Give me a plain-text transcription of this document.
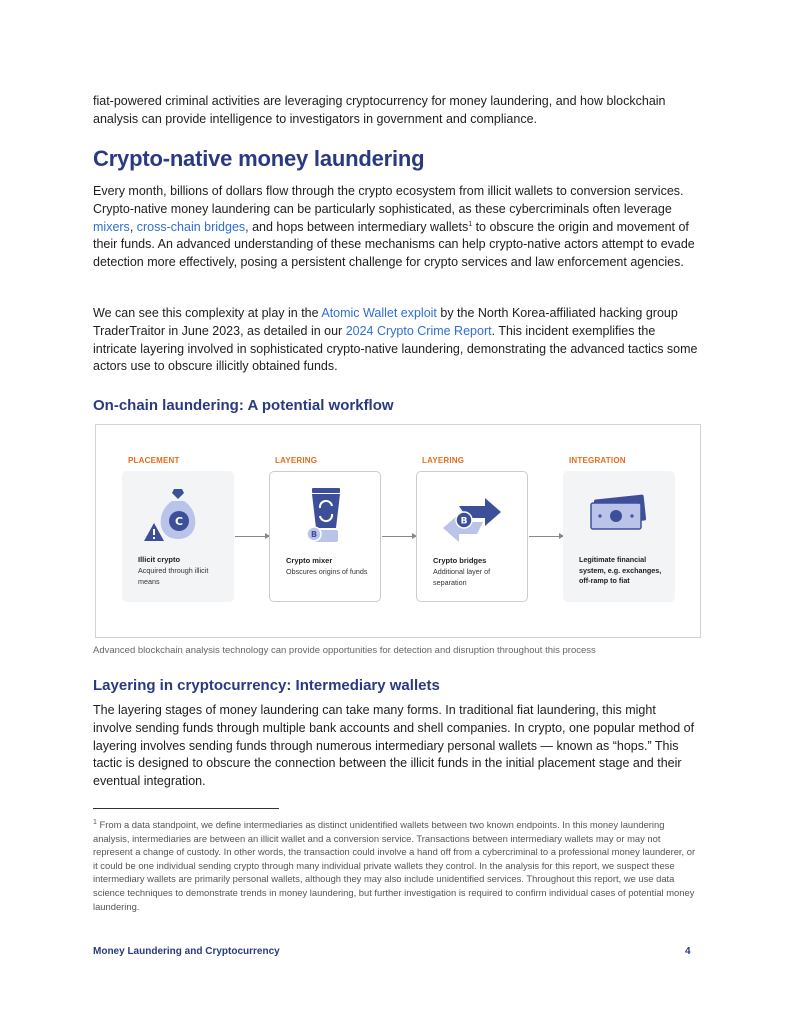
fiat-powered criminal activities are leveraging cryptocurrency for money laundering, and how blockchain analysis can provide intelligence to investigators in government and compliance.

Crypto-native money laundering

Every month, billions of dollars flow through the crypto ecosystem from illicit wallets to conversion services. Crypto-native money laundering can be particularly sophisticated, as these cybercriminals often leverage mixers, cross-chain bridges, and hops between intermediary wallets$^1$ to obscure the origin and movement of their funds. An advanced understanding of these mechanisms can help crypto-native actors attempt to evade detection more effectively, posing a persistent challenge for crypto services and law enforcement agencies.

We can see this complexity at play in the Atomic Wallet exploit by the North Korea-affiliated hacking group TraderTraitor in June 2023, as detailed in our 2024 Crypto Crime Report. This incident exemplifies the intricate layering involved in sophisticated crypto-native laundering, demonstrating the advanced tactics some actors use to obscure illicitly obtained funds.

On-chain laundering: A potential workflow
PLACEMENT	LAYERING	LAYERING	INTEGRATION
C
Illicit crypto
Acquired through illicit means
B
Crypto mixer
Obscures origins of funds
B
Crypto bridges
Additional layer of separation
Legitimate financial system, e.g. exchanges, off-ramp to fiat
Advanced blockchain analysis technology can provide opportunities for detection and disruption throughout this process
Layering in cryptocurrency: Intermediary wallets

The layering stages of money laundering can take many forms. In traditional fiat laundering, this might involve sending funds through multiple bank accounts and shell companies. In crypto, one popular method of layering involves sending funds through numerous intermediary personal wallets — known as “hops.” This tactic is designed to obscure the connection between the illicit funds in the initial placement stage and their eventual integration.

$^1$ From a data standpoint, we define intermediaries as distinct unidentified wallets between two known endpoints. In this money laundering analysis, intermediaries are between an illicit wallet and a conversion service. Transactions between intermediary wallets may or may not represent a change of custody. In other words, the transaction could involve a hand off from a cybercriminal to a professional money launderer, or it could be one individual sending crypto through many individual private wallets they control. In the analysis for this report, we suspect these intermediary wallets are primarily personal wallets, although they may also include unidentified services. Throughout this report, we use data science techniques to demonstrate trends in money laundering, but further investigation is required to confirm individual cases of potential money laundering.
Money Laundering and Cryptocurrency	4
